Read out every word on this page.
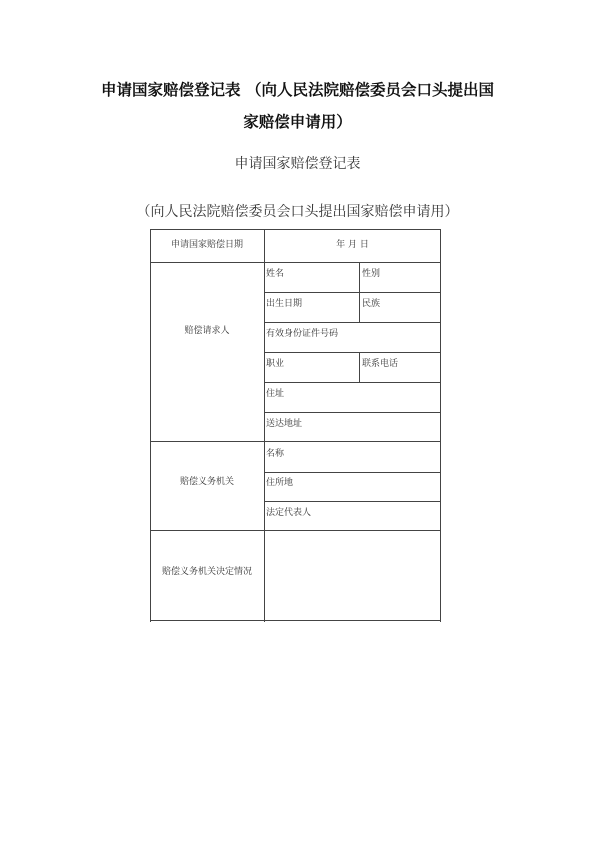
申请国家赔偿登记表 （向人民法院赔偿委员会口头提出国
家赔偿申请用）
申请国家赔偿登记表
（向人民法院赔偿委员会口头提出国家赔偿申请用）
申请国家赔偿日期	年 月 日
赔偿请求人
姓名	性别
出生日期	民族
有效身份证件号码
职业	联系电话
住址
送达地址
赔偿义务机关
名称
住所地
法定代表人
赔偿义务机关决定情况
